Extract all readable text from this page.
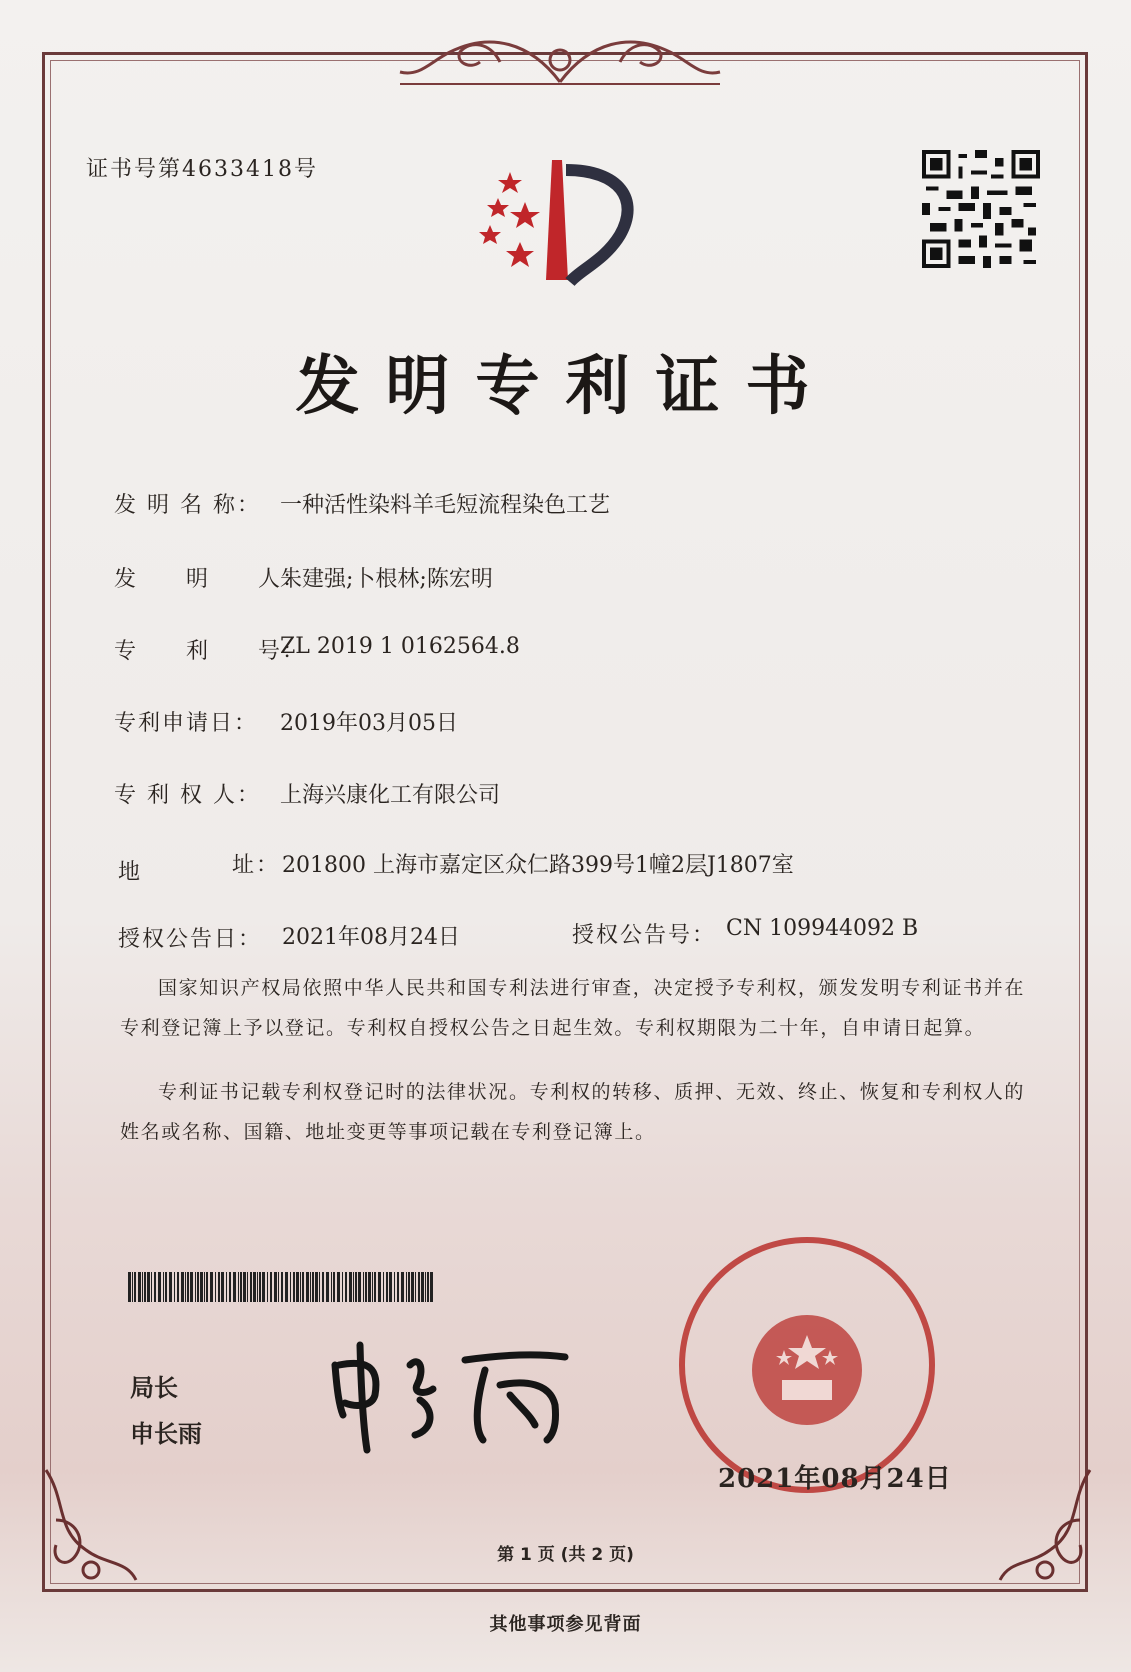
证书号第4633418号
发明专利证书
发 明 名 称： 一种活性染料羊毛短流程染色工艺
发　　明　　人：
朱建强;卜根林;陈宏明
专　　利　　号：
ZL 2019 1 0162564.8
专利申请日： 2019年03月05日
专 利 权 人： 上海兴康化工有限公司
地	址： 201800 上海市嘉定区众仁路399号1幢2层J1807室
授权公告日： 2021年08月24日	授权公告号： CN 109944092 B
国家知识产权局依照中华人民共和国专利法进行审查，决定授予专利权，颁发发明专利证书并在专利登记簿上予以登记。专利权自授权公告之日起生效。专利权期限为二十年，自申请日起算。
专利证书记载专利权登记时的法律状况。专利权的转移、质押、无效、终止、恢复和专利权人的姓名或名称、国籍、地址变更等事项记载在专利登记簿上。
局长
申长雨
2021年08月24日
第 1 页 (共 2 页)
其他事项参见背面
